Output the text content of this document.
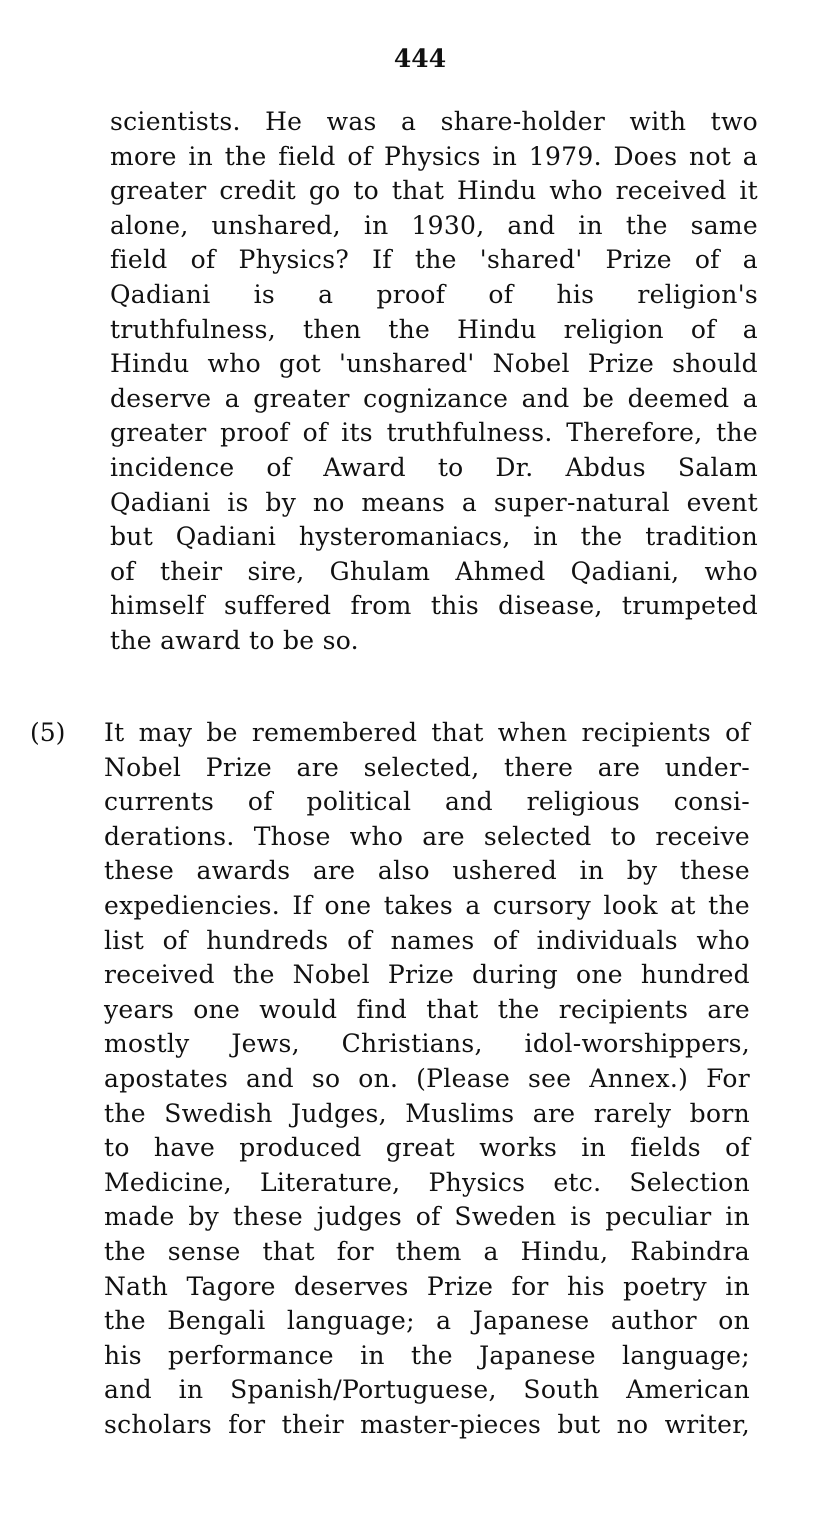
444
scientists. He was a share-holder with two
more in the field of Physics in 1979. Does not a
greater credit go to that Hindu who received it
alone, unshared, in 1930, and in the same
field of Physics? If the 'shared' Prize of a
Qadiani is a proof of his religion's
truthfulness, then the Hindu religion of a
Hindu who got 'unshared' Nobel Prize should
deserve a greater cognizance and be deemed a
greater proof of its truthfulness. Therefore, the
incidence of Award to Dr. Abdus Salam
Qadiani is by no means a super-natural event
but Qadiani hysteromaniacs, in the tradition
of their sire, Ghulam Ahmed Qadiani, who
himself suffered from this disease, trumpeted
the award to be so.
(5) It may be remembered that when recipients of
Nobel Prize are selected, there are under-
currents of political and religious consi-
derations. Those who are selected to receive
these awards are also ushered in by these
expediencies. If one takes a cursory look at the
list of hundreds of names of individuals who
received the Nobel Prize during one hundred
years one would find that the recipients are
mostly Jews, Christians, idol-worshippers,
apostates and so on. (Please see Annex.) For
the Swedish Judges, Muslims are rarely born
to have produced great works in fields of
Medicine, Literature, Physics etc. Selection
made by these judges of Sweden is peculiar in
the sense that for them a Hindu, Rabindra
Nath Tagore deserves Prize for his poetry in
the Bengali language; a Japanese author on
his performance in the Japanese language;
and in Spanish/Portuguese, South American
scholars for their master-pieces but no writer,
